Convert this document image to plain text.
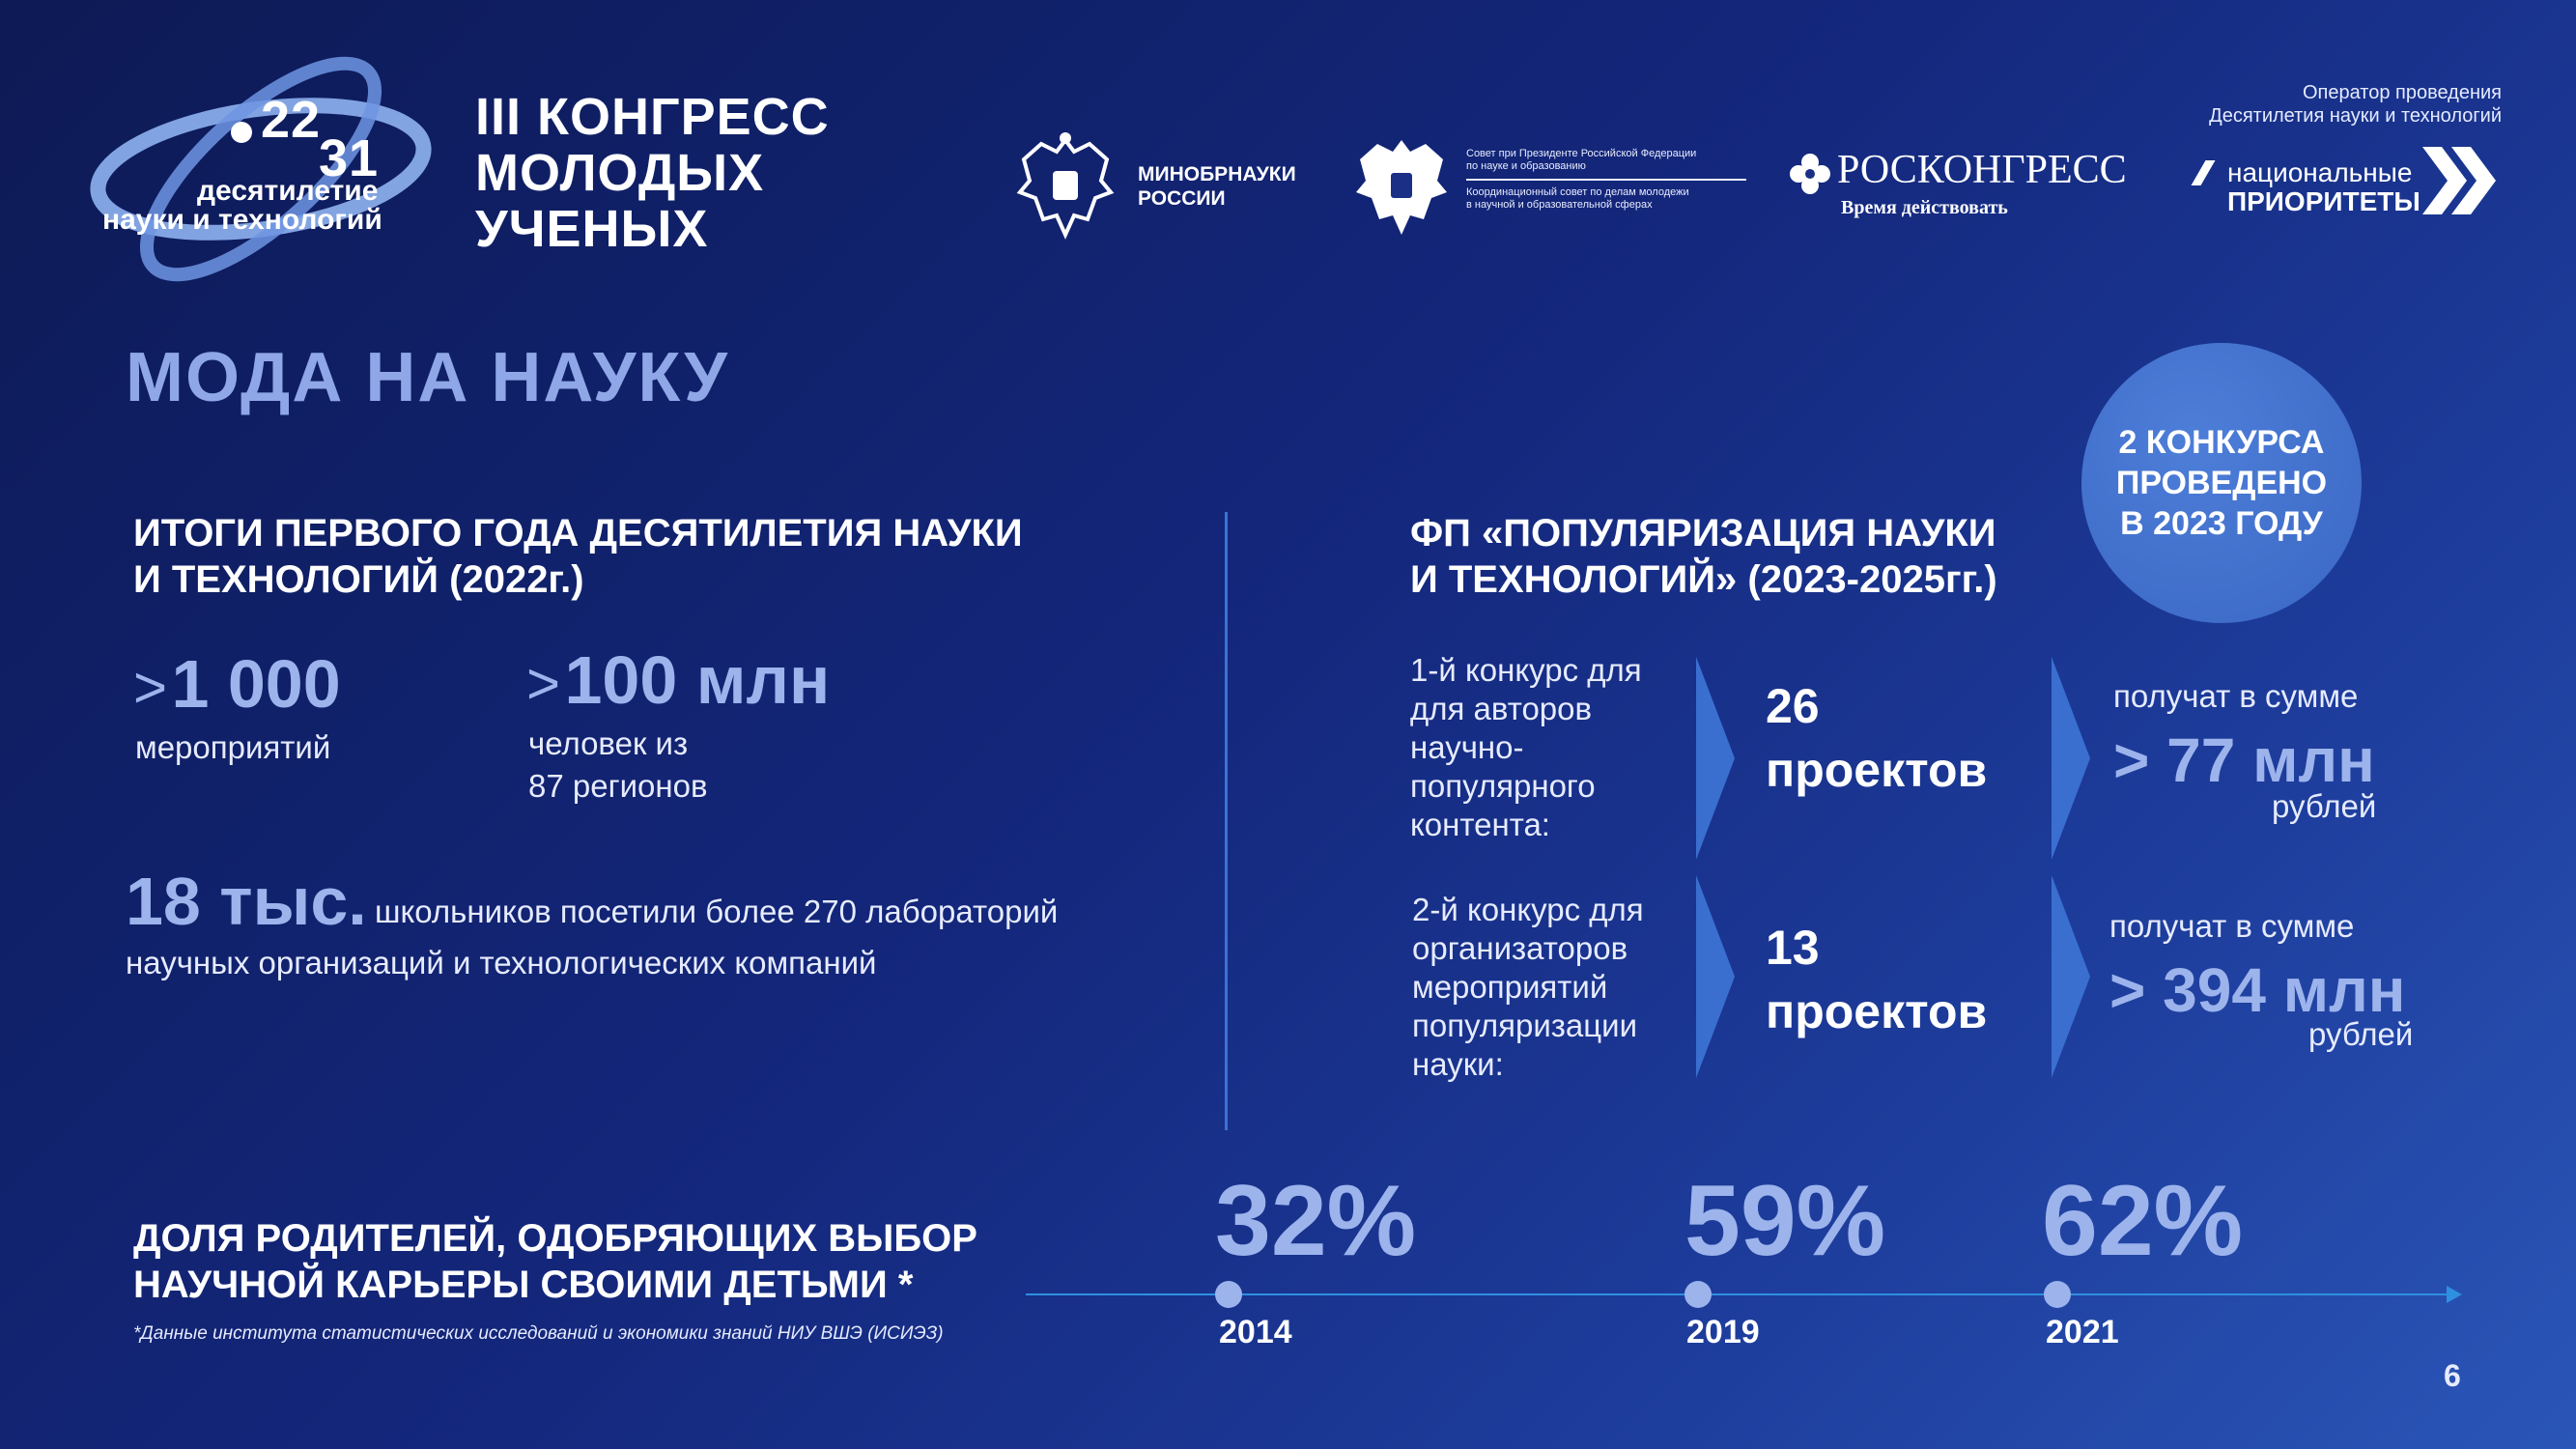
22
31
десятилетие
науки и технологий
III КОНГРЕСС
МОЛОДЫХ
УЧЕНЫХ
МИНОБРНАУКИ
РОССИИ
Совет при Президенте Российской Федерации
по науке и образованию
Координационный совет по делам молодежи
в научной и образовательной сферах
РОСКОНГРЕСС
Время действовать
Оператор проведения
Десятилетия науки и технологий
национальные
ПРИОРИТЕТЫ
МОДА НА НАУКУ
ИТОГИ ПЕРВОГО ГОДА ДЕСЯТИЛЕТИЯ НАУКИ
И ТЕХНОЛОГИЙ (2022г.)
> 1 000
мероприятий
> 100 млн
человек из
87 регионов
18 тыс. школьников посетили более 270 лабораторий
научных организаций и технологических компаний
ФП «ПОПУЛЯРИЗАЦИЯ НАУКИ
И ТЕХНОЛОГИЙ» (2023-2025гг.)
2 КОНКУРСА
ПРОВЕДЕНО
В 2023 ГОДУ
1-й конкурс для
для авторов
научно-
популярного
контента:
26
проектов
получат в сумме
> 77 млн
рублей
2-й конкурс для
организаторов
мероприятий
популяризации
науки:
13
проектов
получат в сумме
> 394 млн
рублей
ДОЛЯ РОДИТЕЛЕЙ, ОДОБРЯЮЩИХ ВЫБОР
НАУЧНОЙ КАРЬЕРЫ СВОИМИ ДЕТЬМИ *
*Данные института статистических исследований и экономики знаний НИУ ВШЭ (ИСИЭЗ)
32%
2014
59%
2019
62%
2021
6
